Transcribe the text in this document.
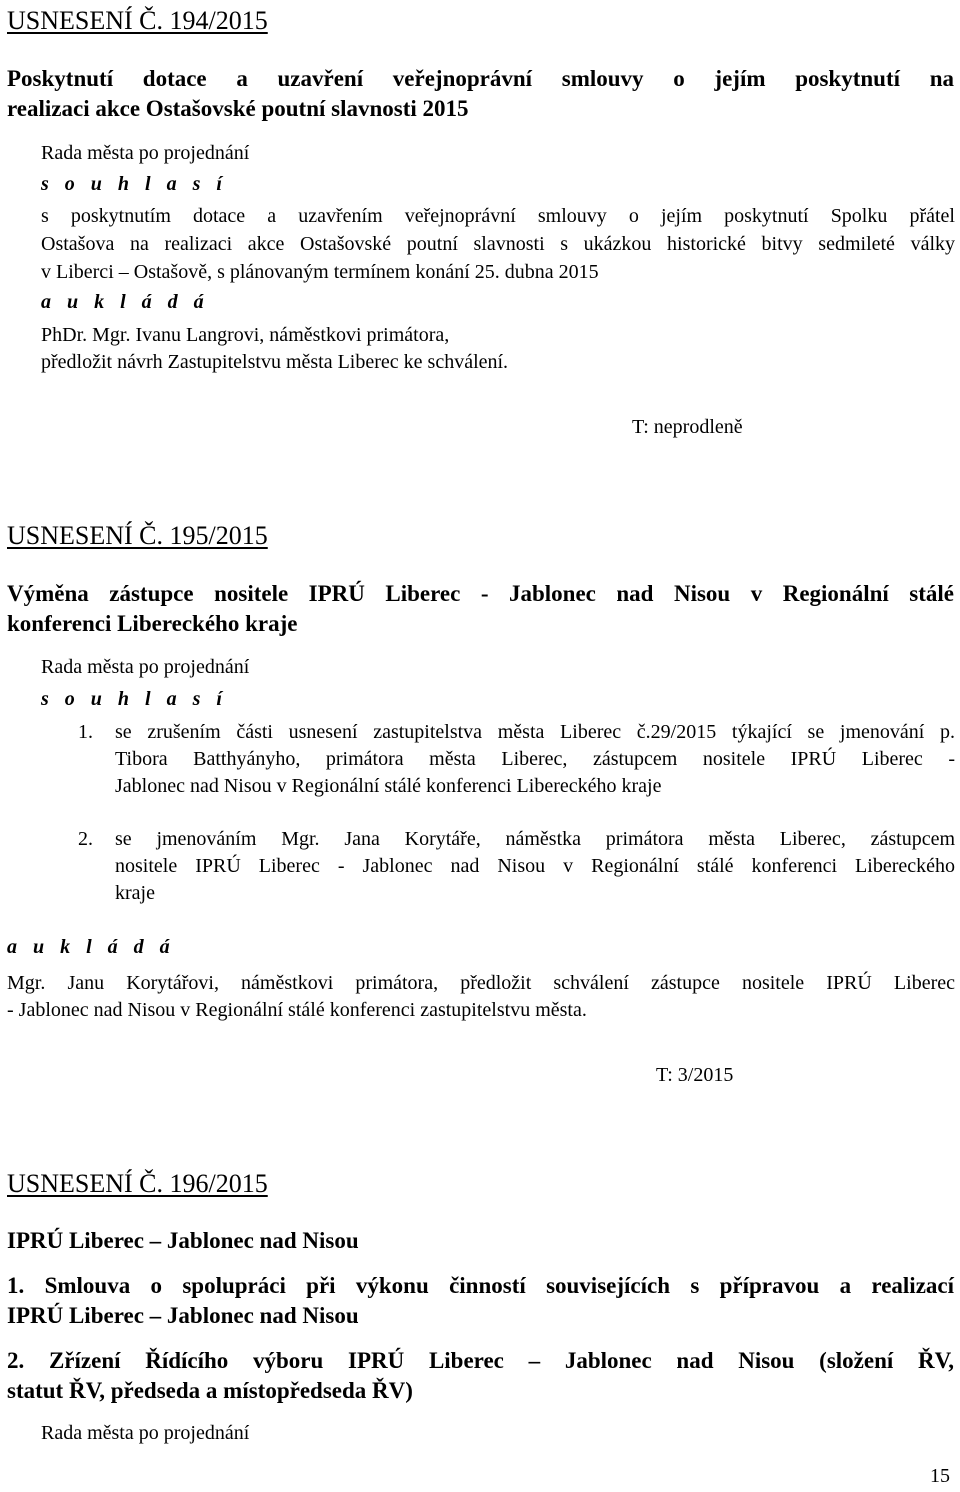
USNESENÍ Č. 194/2015
Poskytnutí dotace a uzavření veřejnoprávní smlouvy o jejím poskytnutí na
realizaci akce Ostašovské poutní slavnosti 2015
Rada města po projednání
s o u h l a s í
s poskytnutím dotace a uzavřením veřejnoprávní smlouvy o jejím poskytnutí Spolku přátel
Ostašova na realizaci akce Ostašovské poutní slavnosti s ukázkou historické bitvy sedmileté války
v Liberci – Ostašově, s plánovaným termínem konání 25. dubna 2015
a u k l á d á
PhDr. Mgr. Ivanu Langrovi, náměstkovi primátora,
předložit návrh Zastupitelstvu města Liberec ke schválení.
T: neprodleně
USNESENÍ Č. 195/2015
Výměna zástupce nositele IPRÚ Liberec - Jablonec nad Nisou v Regionální stálé
konferenci Libereckého kraje
Rada města po projednání
s o u h l a s í
1. se zrušením části usnesení zastupitelstva města Liberec č.29/2015 týkající se jmenování p.
Tibora Batthyányho, primátora města Liberec, zástupcem nositele IPRÚ Liberec -
Jablonec nad Nisou v Regionální stálé konferenci Libereckého kraje
2. se jmenováním Mgr. Jana Korytáře, náměstka primátora města Liberec, zástupcem
nositele IPRÚ Liberec - Jablonec nad Nisou v Regionální stálé konferenci Libereckého
kraje
a u k l á d á
Mgr. Janu Korytářovi, náměstkovi primátora, předložit schválení zástupce nositele IPRÚ Liberec
- Jablonec nad Nisou v Regionální stálé konferenci zastupitelstvu města.
T: 3/2015
USNESENÍ Č. 196/2015
IPRÚ Liberec – Jablonec nad Nisou
1. Smlouva o spolupráci při výkonu činností souvisejících s přípravou a realizací
IPRÚ Liberec – Jablonec nad Nisou
2. Zřízení Řídícího výboru IPRÚ Liberec – Jablonec nad Nisou (složení ŘV,
statut ŘV, předseda a místopředseda ŘV)
Rada města po projednání
15
